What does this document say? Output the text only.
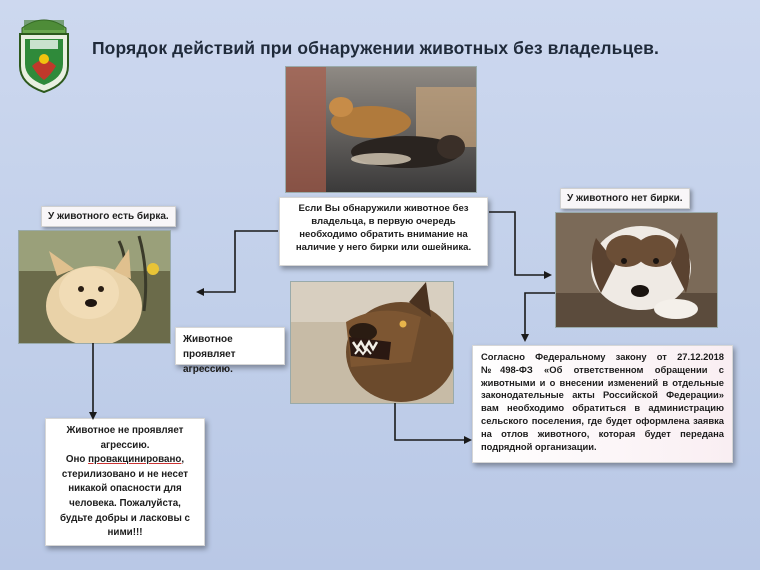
Порядок действий при обнаружении животных без владельцев.
Если Вы обнаружили животное без владельца, в первую очередь необходимо обратить внимание на наличие у него бирки или ошейника.
У животного есть бирка.
У животного нет бирки.
Животное проявляет агрессию.
Животное не проявляет агрессию.
Оно провакцинировано, стерилизовано и не несет никакой опасности для человека. Пожалуйста, будьте добры и ласковы с ними!!!
Согласно Федеральному закону от 27.12.2018 №498-ФЗ «Об ответственном обращении с животными и о внесении изменений в отдельные законодательные акты Российской Федерации» вам необходимо обратиться в администрацию сельского поселения, где будет оформлена заявка на отлов животного, которая будет передана подрядной организации.
